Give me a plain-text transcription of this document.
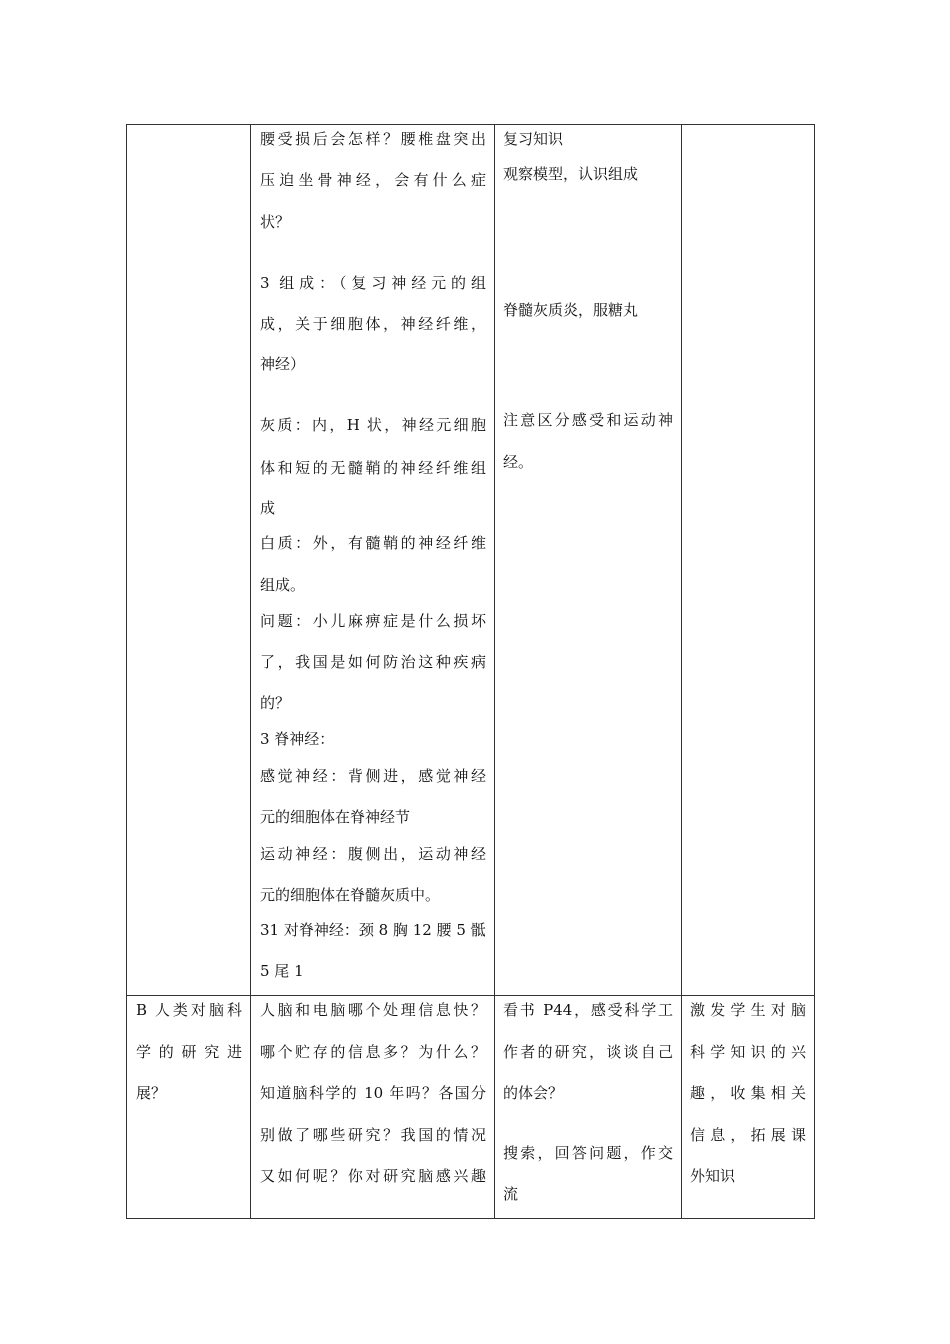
腰受损后会怎样？腰椎盘突出
压迫坐骨神经，会有什么症
状？
3 组成：（复习神经元的组
成，关于细胞体，神经纤维，
神经）
灰质：内，H 状，神经元细胞
体和短的无髓鞘的神经纤维组
成
白质：外，有髓鞘的神经纤维
组成。
问题：小儿麻痹症是什么损坏
了，我国是如何防治这种疾病
的？
3 脊神经：
感觉神经：背侧进，感觉神经
元的细胞体在脊神经节
运动神经：腹侧出，运动神经
元的细胞体在脊髓灰质中。
31 对脊神经：颈 8 胸 12 腰 5 骶
5 尾 1
复习知识
观察模型，认识组成
脊髓灰质炎，服糖丸
注意区分感受和运动神
经。
B 人类对脑科
学的研究进
展？
人脑和电脑哪个处理信息快？
哪个贮存的信息多？为什么？
知道脑科学的 10 年吗？各国分
别做了哪些研究？我国的情况
又如何呢？你对研究脑感兴趣
看书 P44，感受科学工
作者的研究，谈谈自己
的体会？
搜索，回答问题，作交
流
激发学生对脑
科学知识的兴
趣，收集相关
信息，拓展课
外知识
